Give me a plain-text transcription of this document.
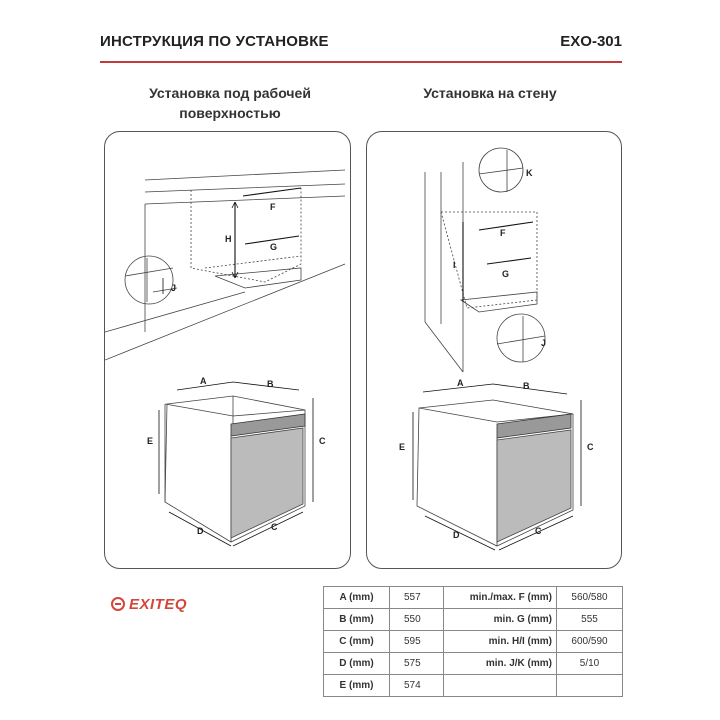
ИНСТРУКЦИЯ ПО УСТАНОВКЕ	EXO-301
Установка под рабочей
поверхностью
Установка на стену
H
F
G
J
A	B
E	C
D	C
I
F
G
K
J
A	B
E	C
D	C
EXITEQ	A (mm)	557	min./max. F (mm)	560/580
B (mm)	550	min. G (mm)	555
C (mm)	595	min. H/I (mm)	600/590
D (mm)	575	min. J/K (mm)	5/10
E (mm)	574		
